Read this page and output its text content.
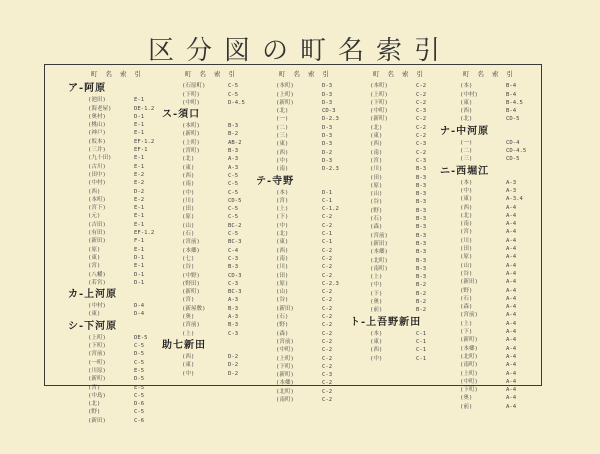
区分図の町名索引
町名索引
ア-阿原
(池田)	E-1
(海老屋)	DE-1.2
(奥村)	D-1
(桃山)	E-1
(神戸)	E-1
(坂本)	EF-1.2
(三井)	EF-1
(九十田)	E-1
(古川)	E-1
(田中)	E-2
(中村)	E-2
(西)	D-2
(本町)	E-2
(宮下)	E-1
(元)	E-1
(吉田)	E-1
(有田)	EF-1.2
(新田)	F-1
(原)	E-1
(東)	D-1
(宮)	E-1
(八幡)	D-1
(若宮)	D-1
カ-上河原
(中村)	D-4
(東)	D-4
シ-下河原
(上町)	DE-5
(下町)	C-5
(宮前)	D-5
(一町)	C-5
(川原)	E-5
(新町)	D-5
(宮)	E-5
(中島)	C-5
(北)	D-6
(野)	C-5
(新田)	C-6
町名索引
(石原町)	C-5
(下町)	C-5
(中町)	D-4.5
ス-須口
(本町)	B-3
(新町)	B-2
(上町)	AB-2
(宮町)	B-3
(北)	A-3
(東)	A-3
(西)	C-5
(南)	C-5
(中)	C-5
(川)	CD-5
(田)	C-5
(原)	C-5
(山)	BC-2
(石)	C-5
(宮前)	BC-3
(本郷)	C-4
(七)	C-3
(谷)	B-3
(中野)	CD-3
(野田)	C-3
(新町)	BC-3
(宮)	A-3
(新屋敷)	B-3
(奥)	A-3
(宮前)	B-3
(上)	C-3
助七新田
(西)	D-2
(東)	D-2
(中)	D-2
町名索引
(本町)	D-3
(上町)	D-3
(新町)	D-3
(北)	CD-3
(一)	D-2.3
(二)	D-3
(三)	D-3
(東)	D-3
(西)	D-2
(中)	D-3
(南)	D-2.3
テ-寺野
(本)	D-1
(宮)	C-1
(上)	C-1.2
(下)	C-2
(中)	C-2
(北)	C-1
(東)	C-1
(西)	C-2
(南)	C-2
(川)	C-2
(田)	C-2
(原)	C-2.3
(山)	C-2
(谷)	C-2
(新田)	C-2
(石)	C-2
(野)	C-2
(森)	C-2
(宮前)	C-2
(中町)	C-2
(上町)	C-2
(下町)	C-2
(新町)	C-3
(本郷)	C-2
(北町)	C-2
(南町)	C-2
町名索引
(本町)	C-2
(上町)	C-2
(下町)	C-2
(中町)	C-3
(新町)	C-2
(北)	C-2
(東)	C-2
(西)	C-3
(南)	C-2
(宮)	C-3
(川)	B-3
(田)	B-3
(原)	B-3
(山)	B-3
(谷)	B-3
(野)	B-3
(石)	B-3
(森)	B-3
(宮前)	B-3
(新田)	B-3
(本郷)	B-3
(北町)	B-3
(南町)	B-3
(上)	B-3
(中)	B-2
(下)	B-2
(奥)	B-2
(前)	B-2
ト-上吾野新田
(本)	C-1
(東)	C-1
(西)	C-1
(中)	C-1
町名索引
(本)	B-4
(中村)	B-4
(東)	B-4.5
(西)	B-4
(北)	CD-5
ナ-中河原
(一)	CD-4
(二)	CD-4.5
(三)	CD-5
ニ-西堀江
(本)	A-3
(中)	A-3
(東)	A-3.4
(西)	A-4
(北)	A-4
(南)	A-4
(宮)	A-4
(川)	A-4
(田)	A-4
(原)	A-4
(山)	A-4
(谷)	A-4
(新田)	A-4
(野)	A-4
(石)	A-4
(森)	A-4
(宮前)	A-4
(上)	A-4
(下)	A-4
(新町)	A-4
(本郷)	A-4
(北町)	A-4
(南町)	A-4
(上町)	A-4
(中町)	A-4
(下町)	A-4
(奥)	A-4
(前)	A-4
